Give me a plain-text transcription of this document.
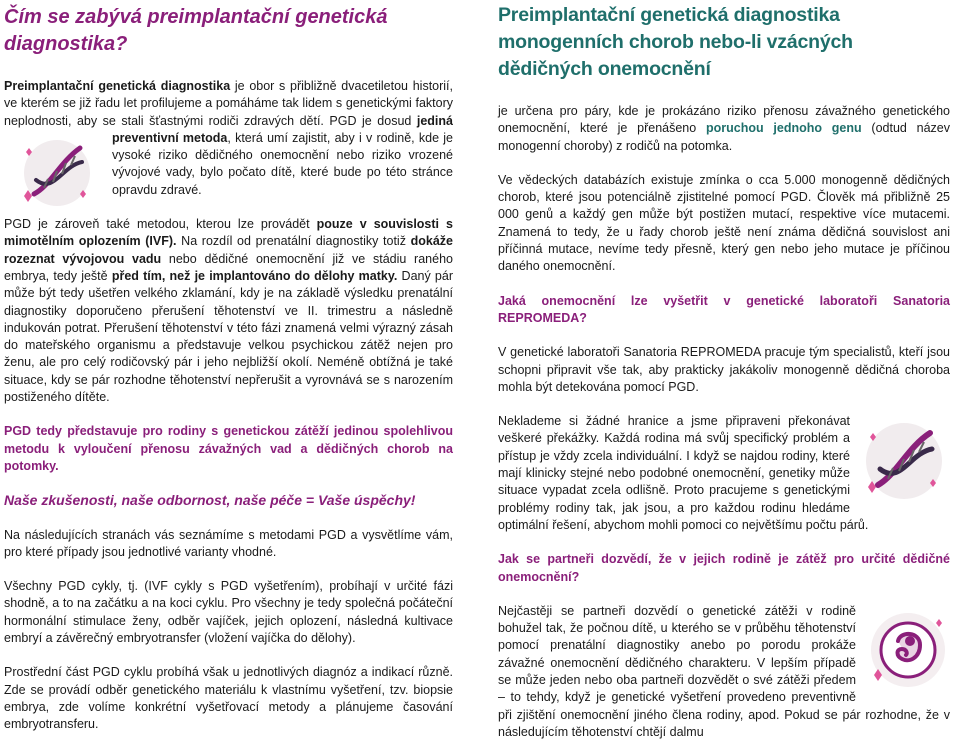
Čím se zabývá preimplantační genetická diagnostika?

Preimplantační genetická diagnostika je obor s přibližně dvacetiletou historií, ve kterém se již řadu let profilujeme a pomáháme tak lidem s genetickými faktory neplodnosti, aby se stali šťastnými rodiči zdravých dětí. PGD je dosud
jediná preventivní metoda, která umí zajistit, aby i v rodině, kde je vysoké riziko dědičného onemocnění nebo riziko vrozené vývojové vady, bylo počato dítě, které bude po této stránce opravdu zdravé.

PGD je zároveň také metodou, kterou lze provádět pouze v souvislosti s mimotělním oplozením (IVF). Na rozdíl od prenatální diagnostiky totiž dokáže rozeznat vývojovou vadu nebo dědičné onemocnění již ve stádiu raného embrya, tedy ještě před tím, než je implantováno do dělohy matky. Daný pár může být tedy ušetřen velkého zklamání, kdy je na základě výsledku prenatální diagnostiky doporučeno přerušení těhotenství ve II. trimestru a následně indukován potrat. Přerušení těhotenství v této fázi znamená velmi výrazný zásah do mateřského organismu a představuje velkou psychickou zátěž nejen pro ženu, ale pro celý rodičovský pár i jeho nejbližší okolí. Neméně obtížná je také situace, kdy se pár rozhodne těhotenství nepřerušit a vyrovnává se s narozením postiženého dítěte.

PGD tedy představuje pro rodiny s genetickou zátěží jedinou spolehlivou metodu k vyloučení přenosu závažných vad a dědičných chorob na potomky.

Naše zkušenosti, naše odbornost, naše péče = Vaše úspěchy!

Na následujících stranách vás seznámíme s metodami PGD a vysvětlíme vám, pro které případy jsou jednotlivé varianty vhodné.

Všechny PGD cykly, tj. (IVF cykly s PGD vyšetřením), probíhají v určité fázi shodně, a to na začátku a na koci cyklu. Pro všechny je tedy společná počáteční hormonální stimulace ženy, odběr vajíček, jejich oplození, následná kultivace embryí a závěrečný embryotransfer (vložení vajíčka do dělohy).

Prostřední část PGD cyklu probíhá však u jednotlivých diagnóz a indikací různě. Zde se provádí odběr genetického materiálu k vlastnímu vyšetření, tzv. biopsie embrya, zde volíme konkrétní vyšetřovací metody a plánujeme časování embryotransferu.

Preimplantační genetická diagnostika monogenních chorob nebo-li vzácných dědičných onemocnění

je určena pro páry, kde je prokázáno riziko přenosu závažného genetického onemocnění, které je přenášeno poruchou jednoho genu (odtud název monogenní choroby) z rodičů na potomka.

Ve vědeckých databázích existuje zmínka o cca 5.000 monogenně dědičných chorob, které jsou potenciálně zjistitelné pomocí PGD. Člověk má přibližně 25 000 genů a každý gen může být postižen mutací, respektive více mutacemi. Znamená to tedy, že u řady chorob ještě není známa dědičná souvislost ani příčinná mutace, nevíme tedy přesně, který gen nebo jeho mutace je příčinou daného onemocnění.

Jaká onemocnění lze vyšetřit v genetické laboratoři Sanatoria REPROMEDA?

V genetické laboratoři Sanatoria REPROMEDA pracuje tým specialistů, kteří jsou schopni připravit vše tak, aby prakticky jakákoliv monogenně dědičná choroba mohla být detekována pomocí PGD.

Neklademe si žádné hranice a jsme připraveni překonávat veškeré překážky. Každá rodina má svůj specifický problém a přístup je vždy zcela individuální. I když se najdou rodiny, které mají klinicky stejné nebo podobné onemocnění, genetiky může situace vypadat zcela odlišně. Proto pracujeme s genetickými problémy rodiny tak, jak jsou, a pro každou rodinu hledáme optimální řešení, abychom mohli pomoci co největšímu počtu párů.

Jak se partneři dozvědí, že v jejich rodině je zátěž pro určité dědičné onemocnění?

Nejčastěji se partneři dozvědí o genetické zátěži v rodině bohužel tak, že počnou dítě, u kterého se v průběhu těhotenství pomocí prenatální diagnostiky anebo po porodu prokáže závažné onemocnění dědičného charakteru. V lepším případě se může jeden nebo oba partneři dozvědět o své zátěži předem – to tehdy, když je genetické vyšetření provedeno preventivně při zjištění onemocnění jiného člena rodiny, apod. Pokud se pár rozhodne, že v následujícím těhotenství chtějí dalmu
